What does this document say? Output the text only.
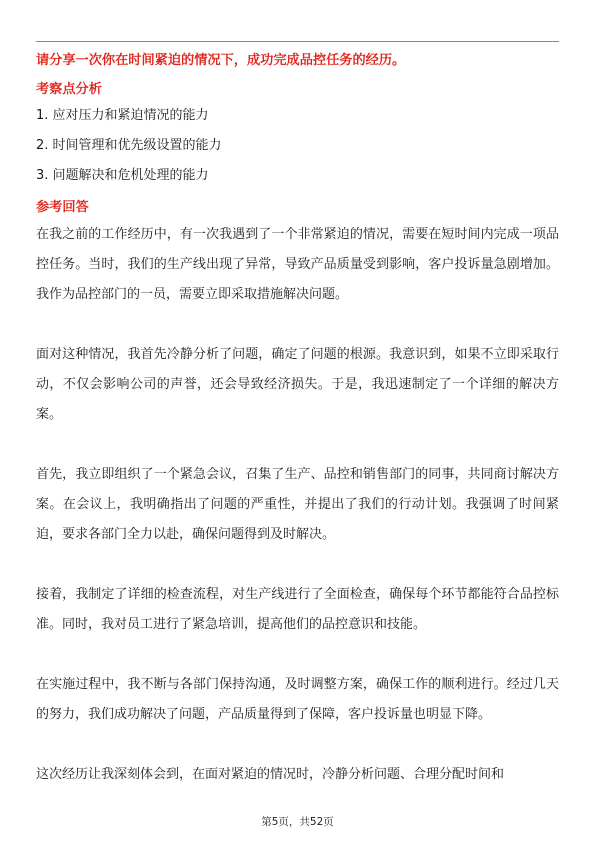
请分享一次你在时间紧迫的情况下，成功完成品控任务的经历。
考察点分析
1. 应对压力和紧迫情况的能力
2. 时间管理和优先级设置的能力
3. 问题解决和危机处理的能力
参考回答

在我之前的工作经历中，有一次我遇到了一个非常紧迫的情况，需要在短时间内完成一项品控任务。当时，我们的生产线出现了异常，导致产品质量受到影响，客户投诉量急剧增加。我作为品控部门的一员，需要立即采取措施解决问题。

面对这种情况，我首先冷静分析了问题，确定了问题的根源。我意识到，如果不立即采取行动，不仅会影响公司的声誉，还会导致经济损失。于是，我迅速制定了一个详细的解决方案。

首先，我立即组织了一个紧急会议，召集了生产、品控和销售部门的同事，共同商讨解决方案。在会议上，我明确指出了问题的严重性，并提出了我们的行动计划。我强调了时间紧迫，要求各部门全力以赴，确保问题得到及时解决。

接着，我制定了详细的检查流程，对生产线进行了全面检查，确保每个环节都能符合品控标准。同时，我对员工进行了紧急培训，提高他们的品控意识和技能。

在实施过程中，我不断与各部门保持沟通，及时调整方案，确保工作的顺利进行。经过几天的努力，我们成功解决了问题，产品质量得到了保障，客户投诉量也明显下降。

这次经历让我深刻体会到，在面对紧迫的情况时，冷静分析问题、合理分配时间和

第5页，共52页
